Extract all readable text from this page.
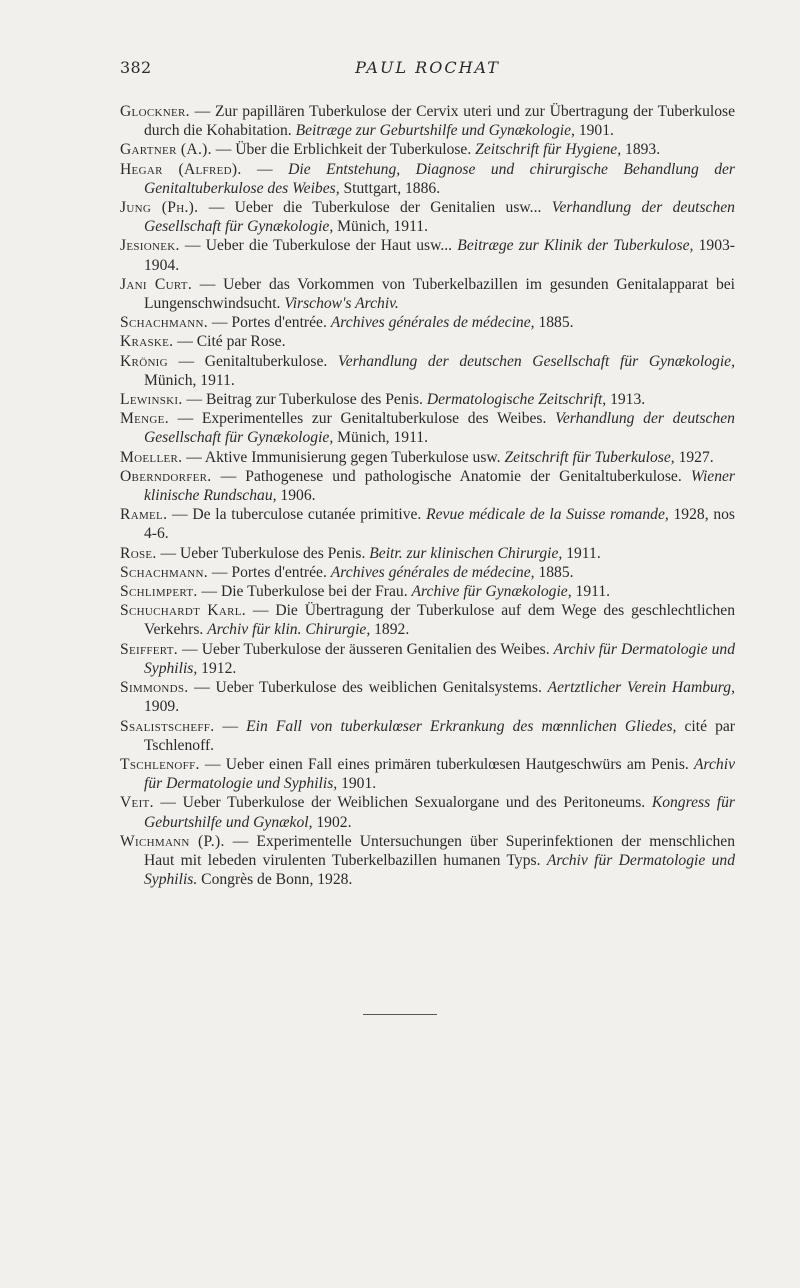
382	PAUL ROCHAT

Glockner. — Zur papillären Tuberkulose der Cervix uteri und zur Übertragung der Tuberkulose durch die Kohabitation. Beitræge zur Geburtshilfe und Gynækologie, 1901.

Gartner (A.). — Über die Erblichkeit der Tuberkulose. Zeitschrift für Hygiene, 1893.

Hegar (Alfred). — Die Entstehung, Diagnose und chirurgische Behandlung der Genitaltuberkulose des Weibes, Stuttgart, 1886.

Jung (Ph.). — Ueber die Tuberkulose der Genitalien usw... Verhandlung der deutschen Gesellschaft für Gynækologie, Münich, 1911.

Jesionek. — Ueber die Tuberkulose der Haut usw... Beitræge zur Klinik der Tuberkulose, 1903-1904.

Jani Curt. — Ueber das Vorkommen von Tuberkelbazillen im gesunden Genitalapparat bei Lungenschwindsucht. Virschow's Archiv.

Schachmann. — Portes d'entrée. Archives générales de médecine, 1885.

Kraske. — Cité par Rose.

Krönig — Genitaltuberkulose. Verhandlung der deutschen Gesellschaft für Gynækologie, Münich, 1911.

Lewinski. — Beitrag zur Tuberkulose des Penis. Dermatologische Zeitschrift, 1913.

Menge. — Experimentelles zur Genitaltuberkulose des Weibes. Verhandlung der deutschen Gesellschaft für Gynækologie, Münich, 1911.

Moeller. — Aktive Immunisierung gegen Tuberkulose usw. Zeitschrift für Tuberkulose, 1927.

Oberndorfer. — Pathogenese und pathologische Anatomie der Genitaltuberkulose. Wiener klinische Rundschau, 1906.

Ramel. — De la tuberculose cutanée primitive. Revue médicale de la Suisse romande, 1928, nos 4-6.

Rose. — Ueber Tuberkulose des Penis. Beitr. zur klinischen Chirurgie, 1911.

Schachmann. — Portes d'entrée. Archives générales de médecine, 1885.

Schlimpert. — Die Tuberkulose bei der Frau. Archive für Gynækologie, 1911.

Schuchardt Karl. — Die Übertragung der Tuberkulose auf dem Wege des geschlechtlichen Verkehrs. Archiv für klin. Chirurgie, 1892.

Seiffert. — Ueber Tuberkulose der äusseren Genitalien des Weibes. Archiv für Dermatologie und Syphilis, 1912.

Simmonds. — Ueber Tuberkulose des weiblichen Genitalsystems. Aertztlicher Verein Hamburg, 1909.

Ssalistscheff. — Ein Fall von tuberkulœser Erkrankung des mœnnlichen Gliedes, cité par Tschlenoff.

Tschlenoff. — Ueber einen Fall eines primären tuberkulœsen Hautgeschwürs am Penis. Archiv für Dermatologie und Syphilis, 1901.

Veit. — Ueber Tuberkulose der Weiblichen Sexualorgane und des Peritoneums. Kongress für Geburtshilfe und Gynækol, 1902.

Wichmann (P.). — Experimentelle Untersuchungen über Superinfektionen der menschlichen Haut mit lebeden virulenten Tuberkelbazillen humanen Typs. Archiv für Dermatologie und Syphilis. Congrès de Bonn, 1928.
